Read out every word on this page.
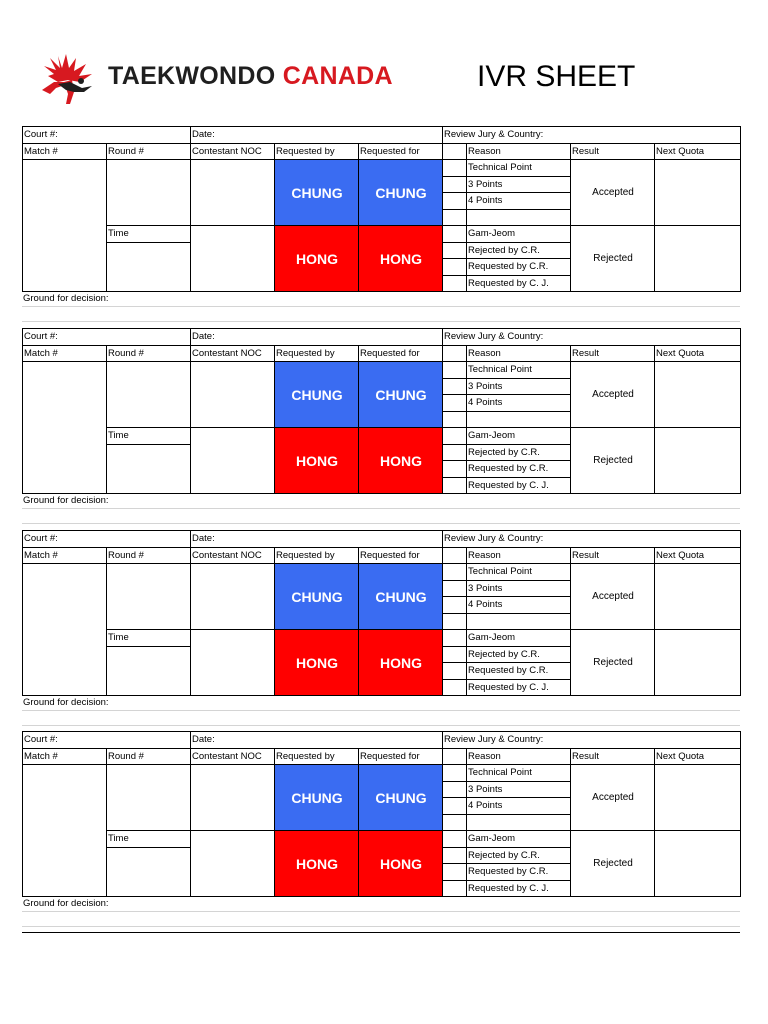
TAEKWONDO CANADA	IVR SHEET
Court #:		Date:			Review Jury & Country:			
Match #	Round #	Contestant NOC	Requested by	Requested for		Reason	Result	Next Quota
			CHUNG	CHUNG		Technical Point	Accepted	
						3 Points		
						4 Points		

	Time		HONG	HONG		Gam-Jeom	Rejected	
						Rejected by C.R.		
						Requested by C.R.		
						Requested by C. J.		
Ground for decision:
Court #:		Date:			Review Jury & Country:			
Match #	Round #	Contestant NOC	Requested by	Requested for		Reason	Result	Next Quota
			CHUNG	CHUNG		Technical Point	Accepted	
						3 Points		
						4 Points		

	Time		HONG	HONG		Gam-Jeom	Rejected	
						Rejected by C.R.		
						Requested by C.R.		
						Requested by C. J.		
Ground for decision:
Court #:		Date:			Review Jury & Country:			
Match #	Round #	Contestant NOC	Requested by	Requested for		Reason	Result	Next Quota
			CHUNG	CHUNG		Technical Point	Accepted	
						3 Points		
						4 Points		

	Time		HONG	HONG		Gam-Jeom	Rejected	
						Rejected by C.R.		
						Requested by C.R.		
						Requested by C. J.		
Ground for decision:
Court #:		Date:			Review Jury & Country:			
Match #	Round #	Contestant NOC	Requested by	Requested for		Reason	Result	Next Quota
			CHUNG	CHUNG		Technical Point	Accepted	
						3 Points		
						4 Points		

	Time		HONG	HONG		Gam-Jeom	Rejected	
						Rejected by C.R.		
						Requested by C.R.		
						Requested by C. J.		
Ground for decision:
